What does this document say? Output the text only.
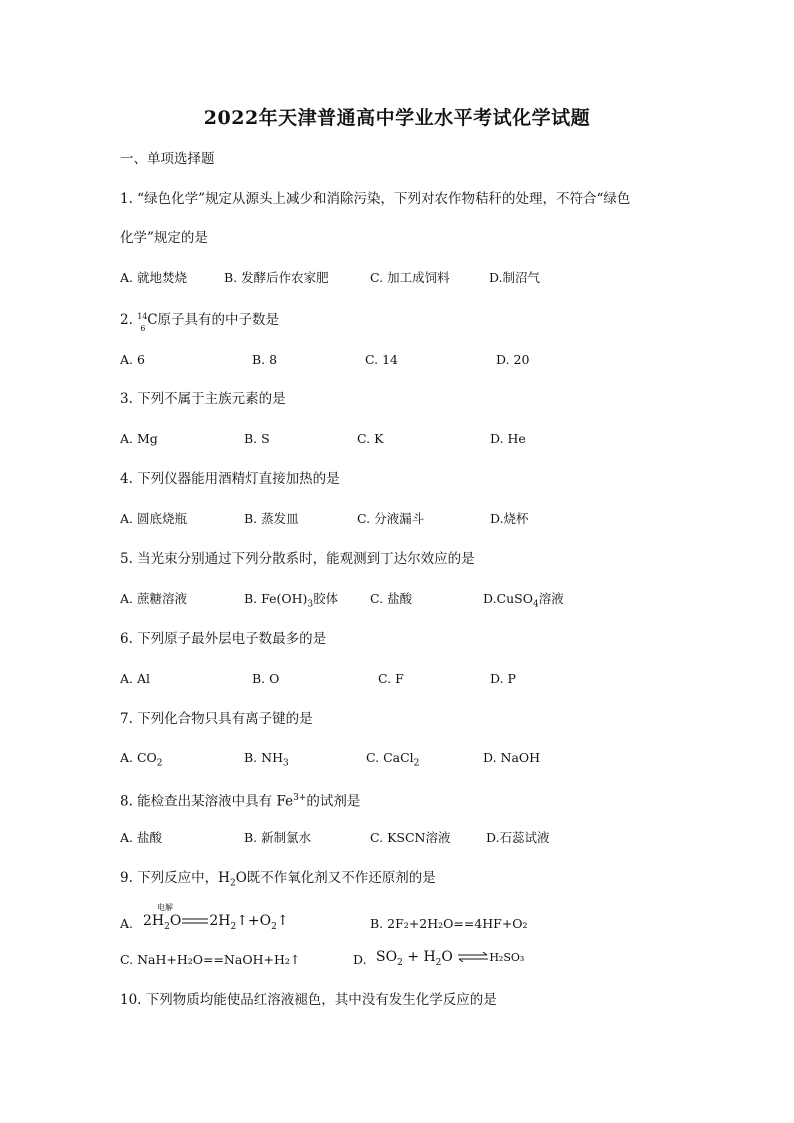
2022年天津普通高中学业水平考试化学试题
一、单项选择题
1. “绿色化学”规定从源头上减少和消除污染，下列对农作物秸秆的处理，不符合“绿色
化学”规定的是
A. 就地焚烧	B. 发酵后作农家肥	C. 加工成饲料	D.制沼气
2. 14
6
C原子具有的中子数是
A. 6	B. 8	C. 14	D. 20
3. 下列不属于主族元素的是
A. Mg	B. S	C. K	D. He
4. 下列仪器能用酒精灯直接加热的是
A. 圆底烧瓶	B. 蒸发皿	C. 分液漏斗	D.烧杯
5. 当光束分别通过下列分散系时，能观测到丁达尔效应的是
A. 蔗糖溶液	B. $Fe(OH)_3$胶体	C. 盐酸	D.CuSO$_4$溶液
6. 下列原子最外层电子数最多的是
A. Al	B. O	C. F	D. P
7. 下列化合物只具有离子键的是
A. $CO_2$	B. $NH_3$	C. CaCl$_2$	D. NaOH
8. 能检查出某溶液中具有 $Fe^{3+}$的试剂是
A. 盐酸	B. 新制氯水	C. KSCN溶液	D.石蕊试液
9. 下列反应中，$H_2O$既不作氧化剂又不作还原剂的是
A.
电解
$2H_2O$ $2H_2↑+O_2↑$	B. 2F₂+2H₂O==4HF+O₂
C. NaH+H₂O==NaOH+H₂↑	D. $SO_2 + H_2O$ ⇌H₂SO₃
10. 下列物质均能使品红溶液褪色，其中没有发生化学反应的是
